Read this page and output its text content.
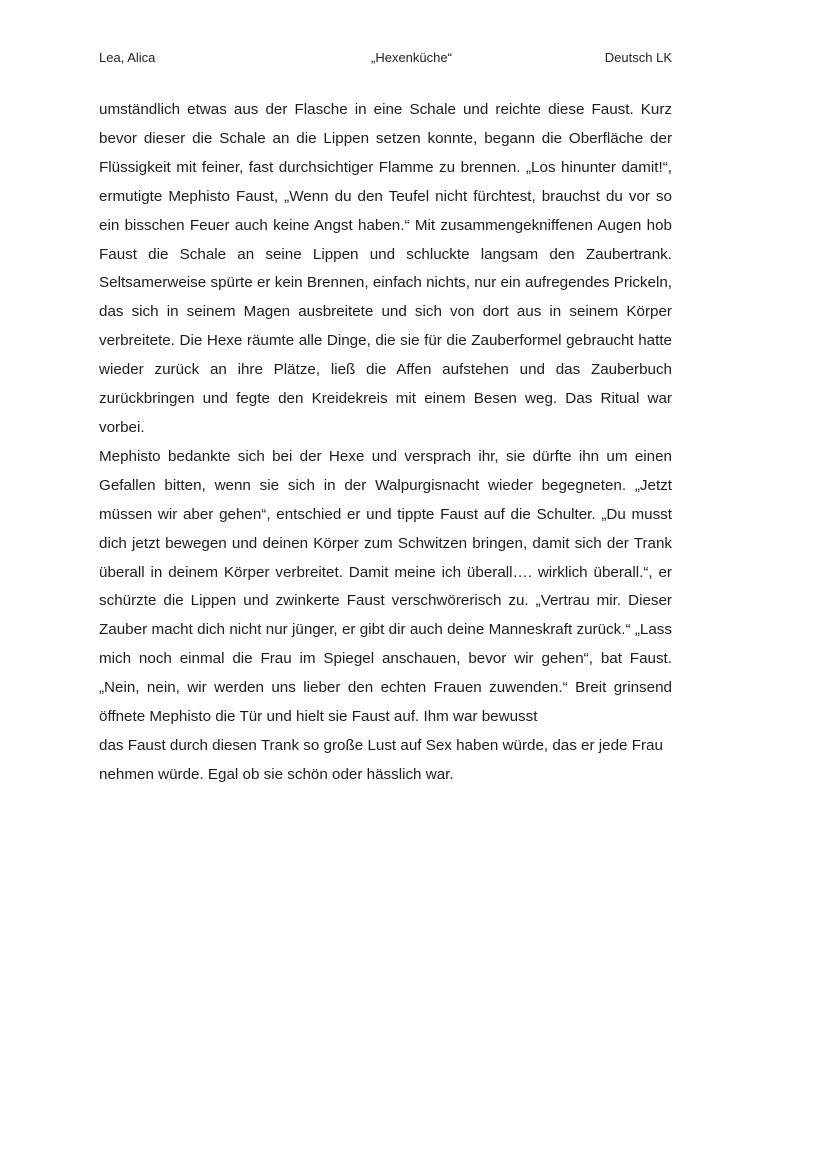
Lea, Alica	„Hexenküche“	Deutsch LK

umständlich etwas aus der Flasche in eine Schale und reichte diese Faust. Kurz bevor dieser die Schale an die Lippen setzen konnte, begann die Oberfläche der Flüssigkeit mit feiner, fast durchsichtiger Flamme zu brennen. „Los hinunter damit!“, ermutigte Mephisto Faust, „Wenn du den Teufel nicht fürchtest, brauchst du vor so ein bisschen Feuer auch keine Angst haben.“ Mit zusammengekniffenen Augen hob Faust die Schale an seine Lippen und schluckte langsam den Zaubertrank. Seltsamerweise spürte er kein Brennen, einfach nichts, nur ein aufregendes Prickeln, das sich in seinem Magen ausbreitete und sich von dort aus in seinem Körper verbreitete. Die Hexe räumte alle Dinge, die sie für die Zauberformel gebraucht hatte wieder zurück an ihre Plätze, ließ die Affen aufstehen und das Zauberbuch zurückbringen und fegte den Kreidekreis mit einem Besen weg. Das Ritual war vorbei.

Mephisto bedankte sich bei der Hexe und versprach ihr, sie dürfte ihn um einen Gefallen bitten, wenn sie sich in der Walpurgisnacht wieder begegneten. „Jetzt müssen wir aber gehen“, entschied er und tippte Faust auf die Schulter. „Du musst dich jetzt bewegen und deinen Körper zum Schwitzen bringen, damit sich der Trank überall in deinem Körper verbreitet. Damit meine ich überall…. wirklich überall.“, er schürzte die Lippen und zwinkerte Faust verschwörerisch zu. „Vertrau mir. Dieser Zauber macht dich nicht nur jünger, er gibt dir auch deine Manneskraft zurück.“ „Lass mich noch einmal die Frau im Spiegel anschauen, bevor wir gehen“, bat Faust. „Nein, nein, wir werden uns lieber den echten Frauen zuwenden.“ Breit grinsend öffnete Mephisto die Tür und hielt sie Faust auf. Ihm war bewusst

das Faust durch diesen Trank so große Lust auf Sex haben würde, das er jede Frau nehmen würde. Egal ob sie schön oder hässlich war.
